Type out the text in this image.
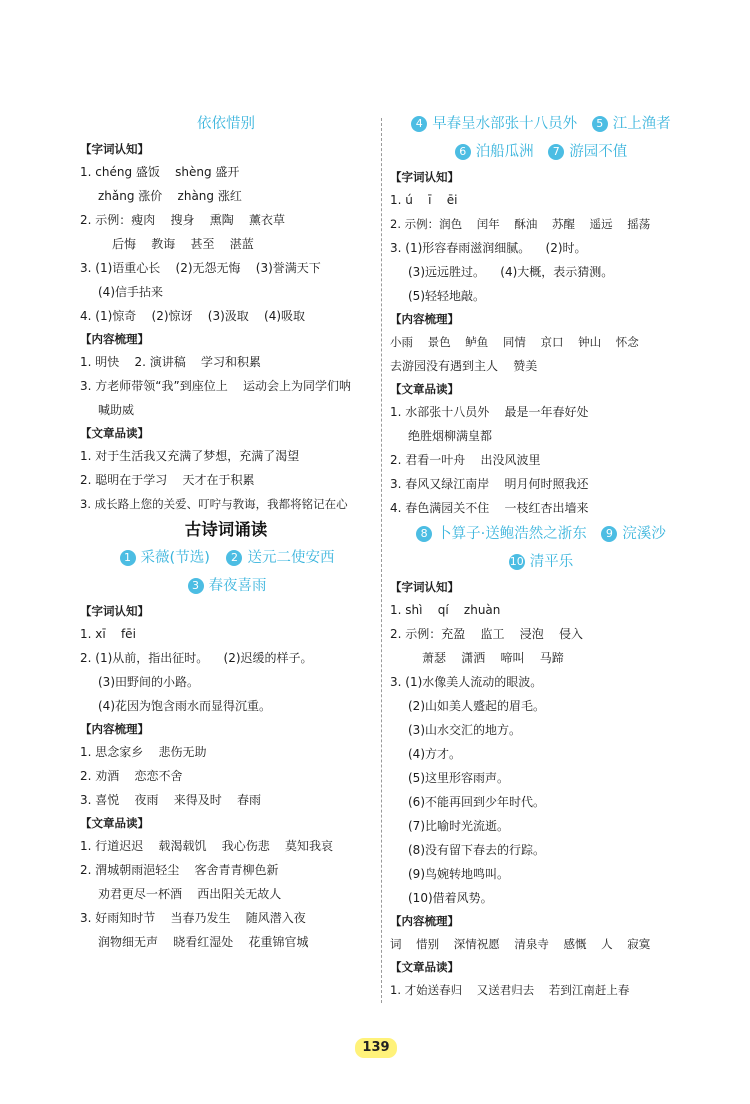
依依惜别
【字词认知】
1. chéng 盛饭    shèng 盛开
zhǎng 涨价    zhàng 涨红
2. 示例：瘦肉    搜身    熏陶    薰衣草
后悔    教诲    甚至    湛蓝
3. (1)语重心长    (2)无怨无悔    (3)誉满天下
(4)信手拈来
4. (1)惊奇    (2)惊讶    (3)汲取    (4)吸取
【内容梳理】
1. 明快    2. 演讲稿    学习和积累
3. 方老师带领“我”到座位上    运动会上为同学们呐
喊助威
【文章品读】
1. 对于生活我又充满了梦想，充满了渴望
2. 聪明在于学习    天才在于积累
3. 成长路上您的关爱、叮咛与教诲，我都将铭记在心
古诗词诵读
1 采薇(节选) 2 送元二使安西
3 春夜喜雨
【字词认知】
1. xī    fēi
2. (1)从前，指出征时。    (2)迟缓的样子。
(3)田野间的小路。
(4)花因为饱含雨水而显得沉重。
【内容梳理】
1. 思念家乡    悲伤无助
2. 劝酒    恋恋不舍
3. 喜悦    夜雨    来得及时    春雨
【文章品读】
1. 行道迟迟    载渴载饥    我心伤悲    莫知我哀
2. 渭城朝雨浥轻尘    客舍青青柳色新
劝君更尽一杯酒    西出阳关无故人
3. 好雨知时节    当春乃发生    随风潜入夜
润物细无声    晓看红湿处    花重锦官城
4 早春呈水部张十八员外 5 江上渔者
6 泊船瓜洲 7 游园不值
【字词认知】
1. ú    ī    ēi
2. 示例：润色    闰年    酥油    苏醒    遥远    摇荡
3. (1)形容春雨滋润细腻。    (2)时。
(3)远远胜过。    (4)大概，表示猜测。
(5)轻轻地敲。
【内容梳理】
小雨    景色    鲈鱼    同情    京口    钟山    怀念
去游园没有遇到主人    赞美
【文章品读】
1. 水部张十八员外    最是一年春好处
绝胜烟柳满皇都
2. 君看一叶舟    出没风波里
3. 春风又绿江南岸    明月何时照我还
4. 春色满园关不住    一枝红杏出墙来
8 卜算子·送鲍浩然之浙东 9 浣溪沙
10 清平乐
【字词认知】
1. shì    qí    zhuàn
2. 示例：充盈    监工    浸泡    侵入
萧瑟    潇洒    啼叫    马蹄
3. (1)水像美人流动的眼波。
(2)山如美人蹙起的眉毛。
(3)山水交汇的地方。
(4)方才。
(5)这里形容雨声。
(6)不能再回到少年时代。
(7)比喻时光流逝。
(8)没有留下春去的行踪。
(9)鸟婉转地鸣叫。
(10)借着风势。
【内容梳理】
词    惜别    深情祝愿    清泉寺    感慨    人    寂寞
【文章品读】
1. 才始送春归    又送君归去    若到江南赶上春
139
